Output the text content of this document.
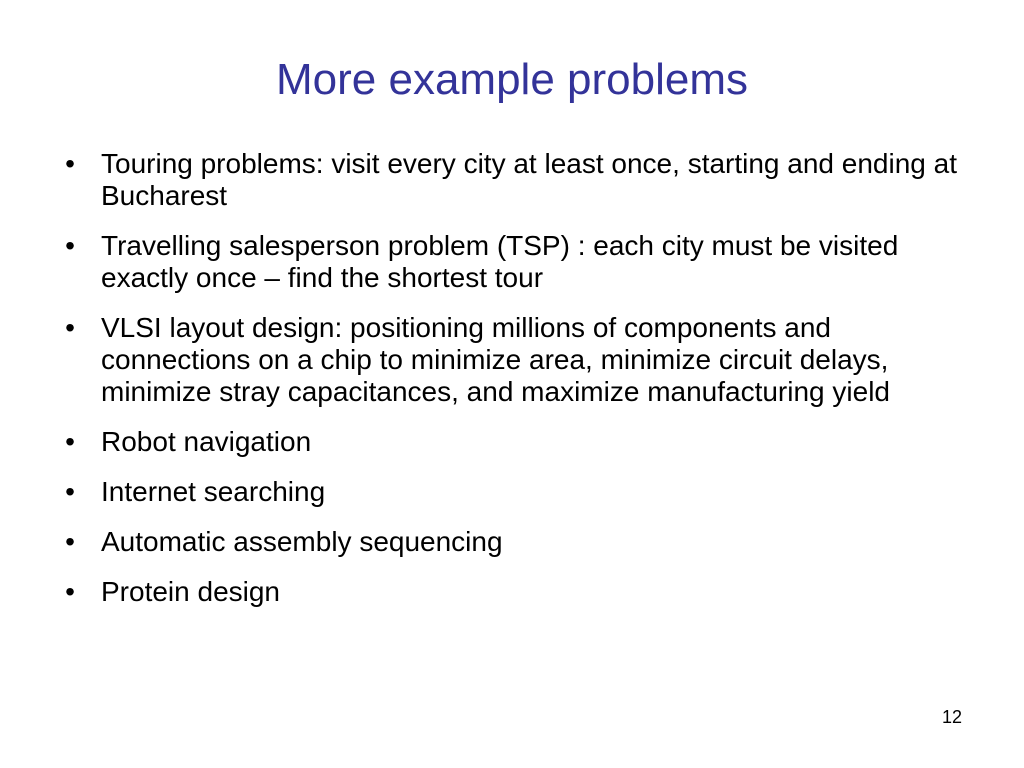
More example problems
• Touring problems: visit every city at least once, starting and ending at Bucharest
• Travelling salesperson problem (TSP) : each city must be visited exactly once – find the shortest tour
• VLSI layout design: positioning millions of components and connections on a chip to minimize area, minimize circuit delays, minimize stray capacitances, and maximize manufacturing yield
• Robot navigation
• Internet searching
• Automatic assembly sequencing
• Protein design
12
